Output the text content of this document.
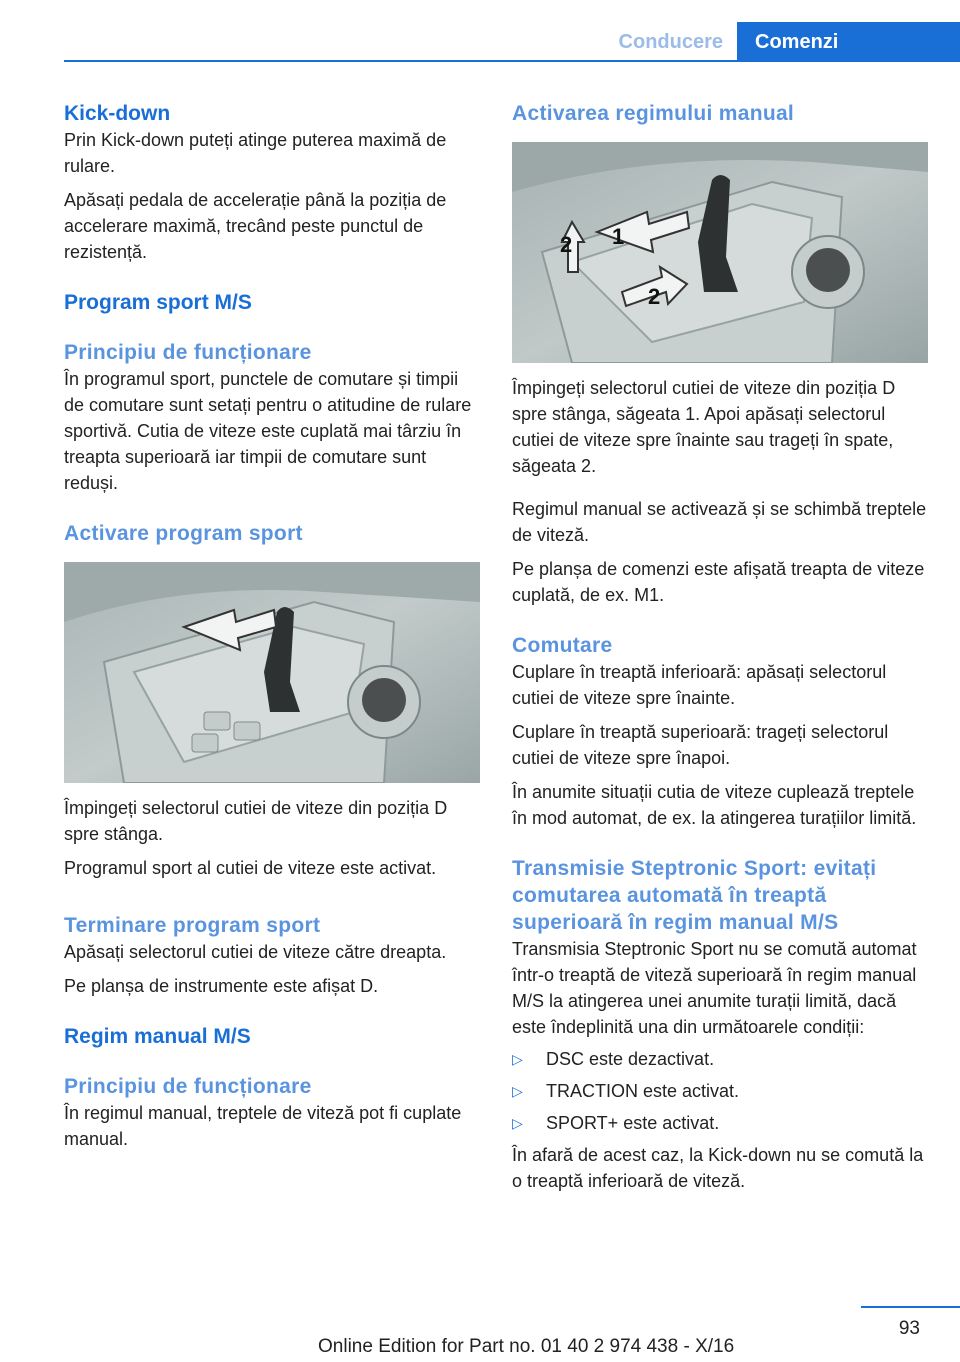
Conducere	Comenzi
Kick-down

Prin Kick-down puteți atinge puterea maximă de rulare.

Apăsați pedala de accelerație până la poziția de accelerare maximă, trecând peste punctul de rezistență.

Program sport M/S
Principiu de funcționare

În programul sport, punctele de comutare și timpii de comutare sunt setați pentru o atitudine de rulare sportivă. Cutia de viteze este cuplată mai târziu în treapta superioară iar timpii de comutare sunt reduși.

Activare program sport

Împingeți selectorul cutiei de viteze din poziția D spre stânga.

Programul sport al cutiei de viteze este activat.

Terminare program sport

Apăsați selectorul cutiei de viteze către dreapta.

Pe planșa de instrumente este afișat D.

Regim manual M/S
Principiu de funcționare

În regimul manual, treptele de viteză pot fi cuplate manual.

Activarea regimului manual
1
2
2

Împingeți selectorul cutiei de viteze din poziția D spre stânga, săgeata 1. Apoi apăsați selectorul cutiei de viteze spre înainte sau trageți în spate, săgeata 2.

Regimul manual se activează și se schimbă treptele de viteză.

Pe planșa de comenzi este afișată treapta de viteze cuplată, de ex. M1.

Comutare

Cuplare în treaptă inferioară: apăsați selectorul cutiei de viteze spre înainte.

Cuplare în treaptă superioară: trageți selectorul cutiei de viteze spre înapoi.

În anumite situații cutia de viteze cuplează treptele în mod automat, de ex. la atingerea turațiilor limită.

Transmisie Steptronic Sport: evitați comutarea automată în treaptă superioară în regim manual M/S

Transmisia Steptronic Sport nu se comută automat într-o treaptă de viteză superioară în regim manual M/S la atingerea unei anumite turații limită, dacă este îndeplinită una din următoarele condiții:

▷ DSC este dezactivat.
▷ TRACTION este activat.
▷ SPORT+ este activat.

În afară de acest caz, la Kick-down nu se comută la o treaptă inferioară de viteză.

93
Online Edition for Part no. 01 40 2 974 438 - X/16
